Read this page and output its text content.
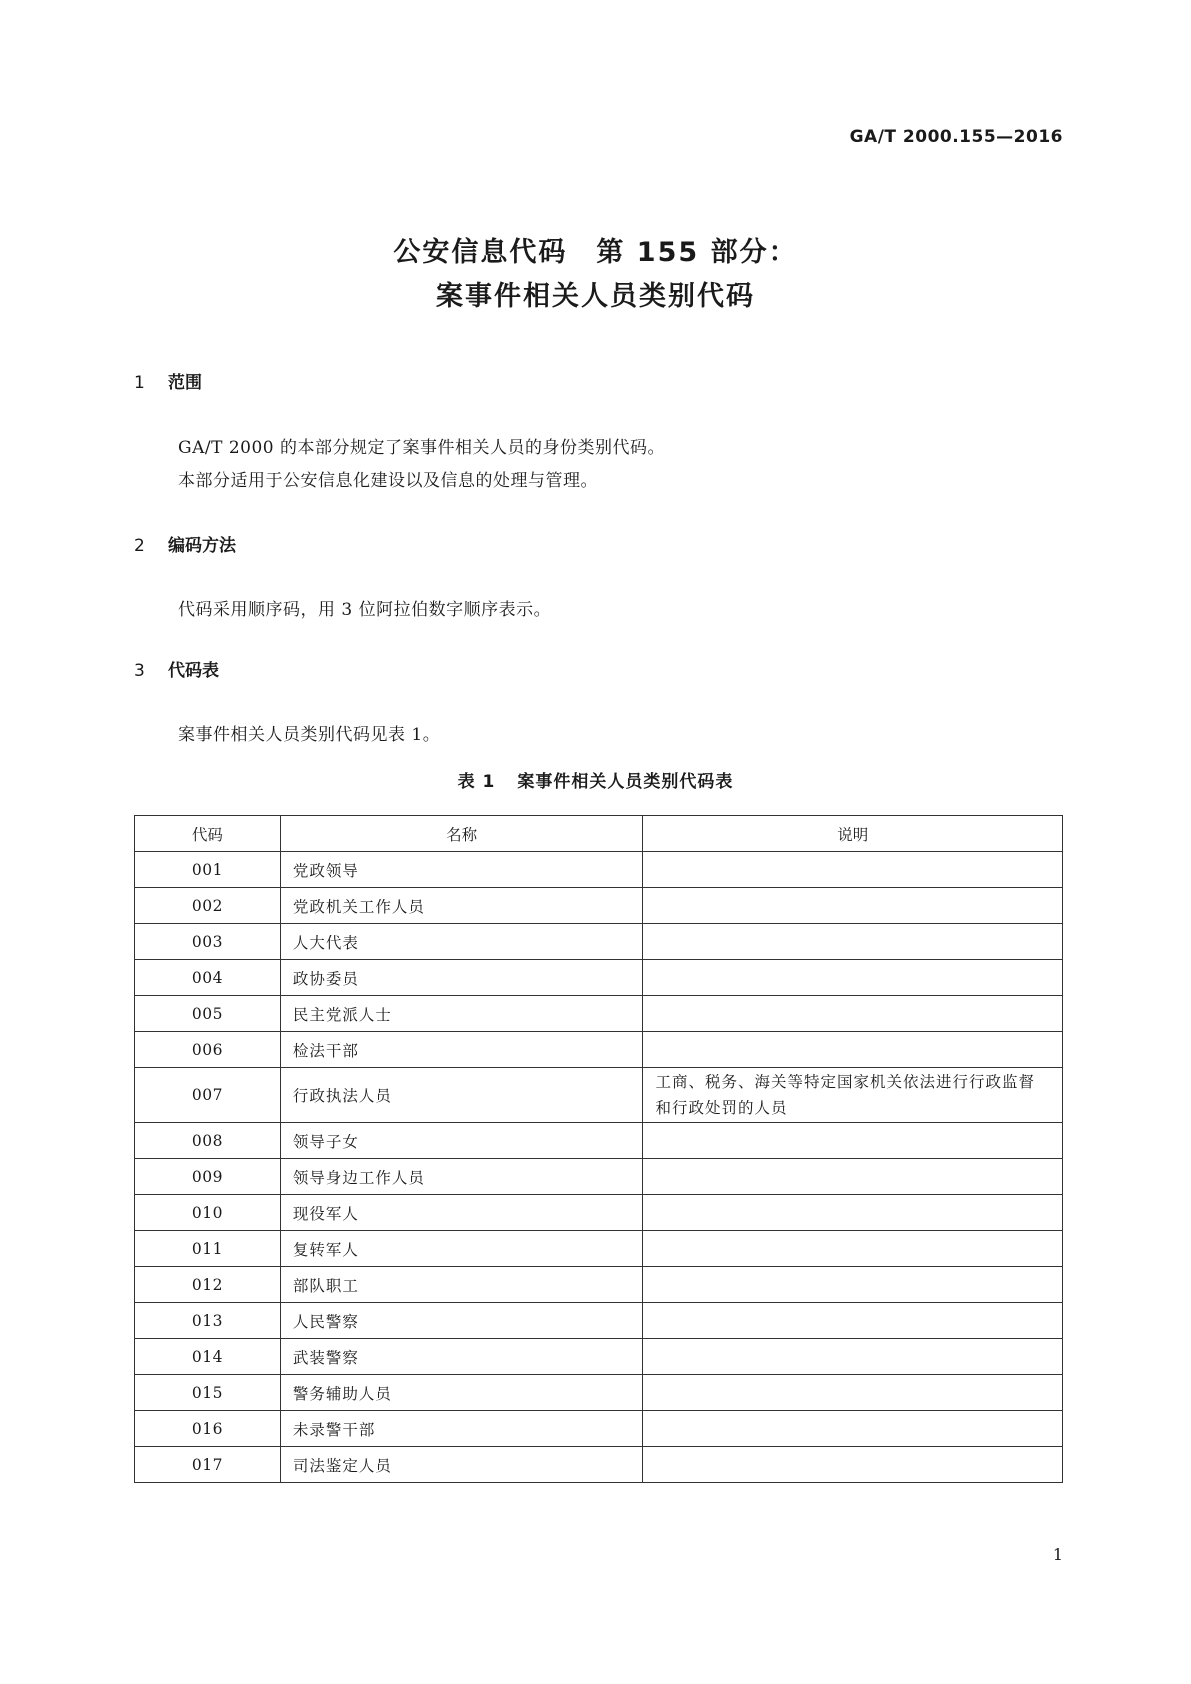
GA/T 2000.155—2016
公安信息代码　第 155 部分：
案事件相关人员类别代码
1 范围
GA/T 2000 的本部分规定了案事件相关人员的身份类别代码。
本部分适用于公安信息化建设以及信息的处理与管理。
2 编码方法
代码采用顺序码，用 3 位阿拉伯数字顺序表示。
3 代码表
案事件相关人员类别代码见表 1。
表 1 案事件相关人员类别代码表
代码	名称	说明
001	党政领导	
002	党政机关工作人员	
003	人大代表	
004	政协委员	
005	民主党派人士	
006	检法干部	
007	行政执法人员	工商、税务、海关等特定国家机关依法进行行政监督和行政处罚的人员
008	领导子女	
009	领导身边工作人员	
010	现役军人	
011	复转军人	
012	部队职工	
013	人民警察	
014	武装警察	
015	警务辅助人员	
016	未录警干部	
017	司法鉴定人员	
1
